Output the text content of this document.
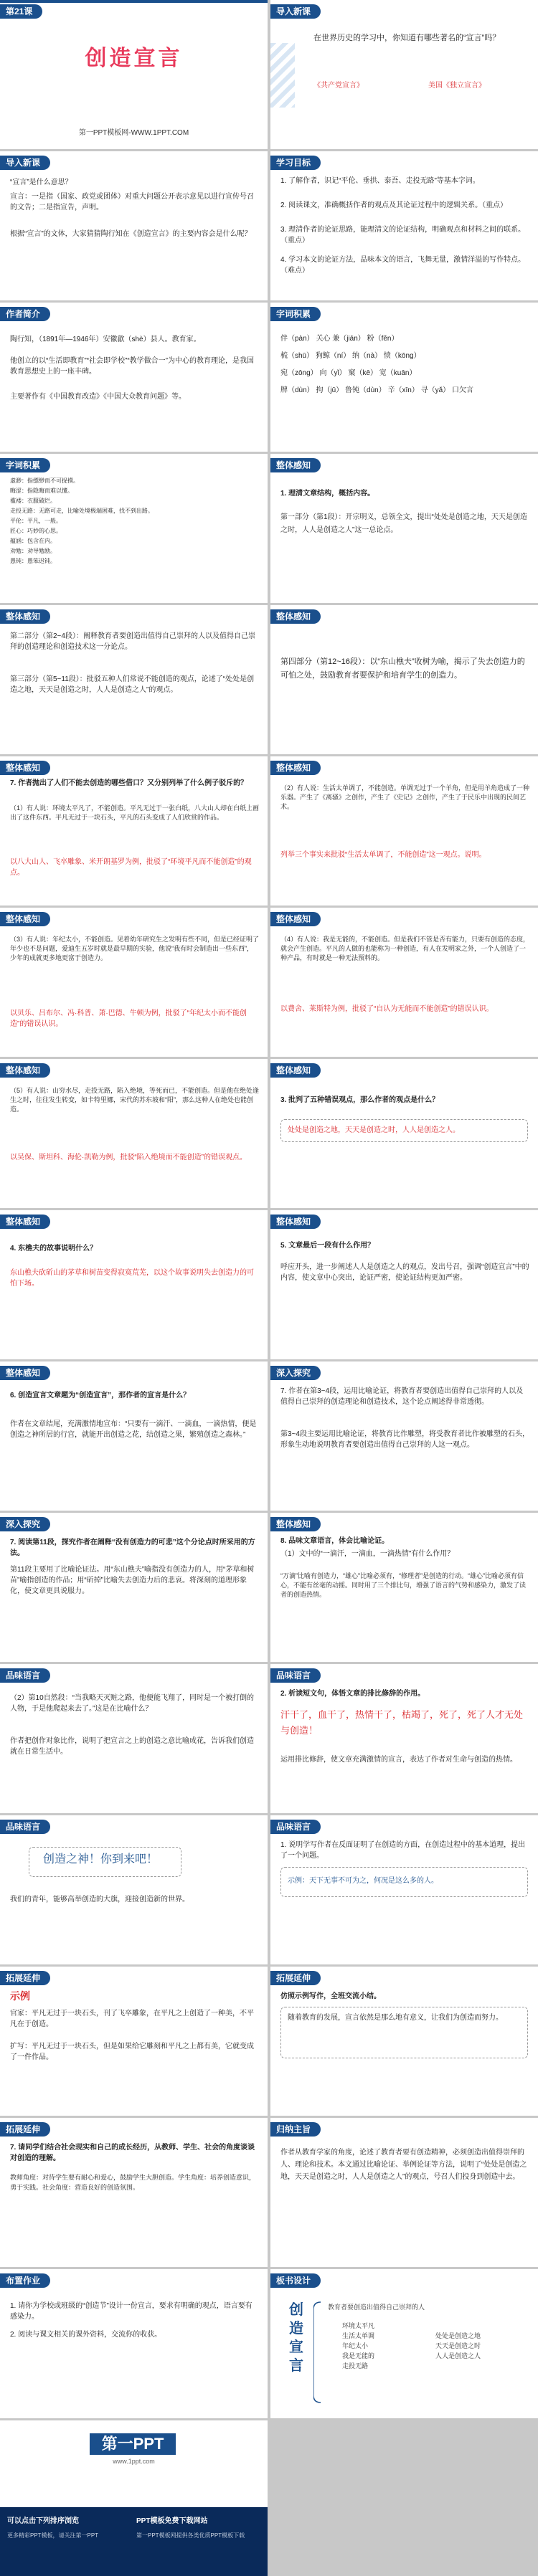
第21课
创造宣言
第一PPT模板网-WWW.1PPT.COM
导入新课
在世界历史的学习中，你知道有哪些著名的“宣言”吗？
《共产党宣言》	美国《独立宣言》
导入新课
“宣言”是什么意思？
宣言：一是指（国家、政党或团体）对重大问题公开表示意见以进行宣传号召的文告；二是指宣告，声明。
根据“宣言”的文体，大家猜猜陶行知在《创造宣言》的主要内容会是什么呢？
学习目标
1. 了解作者，识记“平伦、垂拱、泰吾、走投无路”等基本字词。
2. 阅读课文，准确概括作者的观点及其论证过程中的逻辑关系。（重点）
3. 理清作者的论证思路，能理清文的论证结构，明确观点和材料之间的联系。（重点）
4. 学习本文的论证方法，品味本文的语言，飞舞无量，激情洋溢的写作特点。（难点）
作者简介
陶行知，（1891年—1946年）安徽歙（shè）县人。教育家。
他创立的以“生活即教育”“社会即学校”“教学做合一”为中心的教育理论，是我国教育思想史上的一座丰碑。
主要著作有《中国教育改造》《中国大众教育问题》等。
字词积累
伴（pàn） 关心 兼（jiān） 粉（fěn）
梳（shū） 狗鲸（ní） 纳（nà） 愤（kōng）
宛（zōng） 向（yǐ） 窠（kē） 宽（kuān）
牌（dùn） 拘（jū） 鲁钝（dùn） 辛（xīn） 寻（yǎ） 口欠言
字词积累
虚渺：指缥缈而不可捉摸。
晦涩：指隐晦而难以懂。
褴褛：衣服破烂。
走投无路：无路可走，比喻处境极端困难，找不到出路。
平伦：平凡，一般。
匠心：巧妙的心思。
蕴涵：包含在内。
劝勉：劝导勉励。
愚钝：愚笨迟钝。
整体感知
1. 理清文章结构，概括内容。
第一部分（第1段）：开宗明义，总领全文，提出“处处是创造之地，天天是创造之时，人人是创造之人”这一总论点。
整体感知
第二部分（第2~4段）：阐释教育者要创造出值得自己崇拜的人以及值得自己崇拜的创造理论和创造技术这一分论点。
第三部分（第5~11段）：批驳五种人们常说不能创造的观点，论述了“处处是创造之地，天天是创造之时，人人是创造之人”的观点。
整体感知
第四部分（第12~16段）：以“东山樵夫”收树为喻，揭示了失去创造力的可怕之处，鼓励教育者要保护和培育学生的创造力。
整体感知
7. 作者抛出了人们不能去创造的哪些借口？又分别列举了什么例子驳斥的？
（1）有人说：环境太平凡了，不能创造。平凡无过于一张白纸，八大山人却在白纸上画出了这件东西。平凡无过于一块石头，平凡的石头变成了人们欣赏的作品。
以八大山人、飞卒雕象、米开朗基罗为例，批驳了“环境平凡而不能创造”的观点。
整体感知
（2）有人说：生活太单调了，不能创造。单调无过于一个羊角，但是用羊角造成了一种乐器。产生了《离骚》之创作，产生了《史记》之创作，产生了于民乐中出现的民间艺术。
列举三个事实来批驳“生活太单调了，不能创造”这一观点。说明。
整体感知
（3）有人说：年纪太小，不能创造。见着幼年研究生之发明有些不同，但是已经证明了年少也不是问题，爱迪生五岁时就是最早期的实验，他说“我有时会制造出一些东西”，少年的成就更多地更富于创造力。
以贝乐、吕布尔、冯·科普、萧·巴德、牛顿为例，批驳了“年纪太小而不能创造”的错误认识。
整体感知
（4）有人说：我是无能的，不能创造。但是我们不管是否有能力，只要有创造的态度，就会产生创造。平凡的人做的也能称为一种创造，有人在发明家之外，一个人创造了一种产品，有时就是一种无法预料的。
以费舍、莱斯特为例，批驳了“自认为无能而不能创造”的错误认识。
整体感知
（5）有人说：山穷水尽，走投无路，陷入绝境，等死而已，不能创造。但是他在绝处逢生之时，往往发生转变，如卡特里娜，宋代的苏东坡和“阳”，那么这种人在绝处也能创造。
以吴保、斯坦科、海伦·凯勒为例，批驳“陷入绝境而不能创造”的错误观点。
整体感知
3. 批判了五种错误观点，那么作者的观点是什么？
处处是创造之地，天天是创造之时，人人是创造之人。
整体感知
4. 东樵夫的故事说明什么？
东山樵夫砍斫山的茅草和树苗变得寂寞荒芜，以这个故事说明失去创造力的可怕下场。
整体感知
5. 文章最后一段有什么作用？
呼应开头，进一步阐述人人是创造之人的观点，发出号召，强调“创造宣言”中的内容，使文章中心突出，论证严密，使论证结构更加严密。
整体感知
6. 创造宣言文章题为“创造宣言”，那作者的宣言是什么？
作者在文章结尾，充满激情地宣布：“只要有一滴汗、一滴血，一滴热情，便是创造之神所居的行宫，就能开出创造之花，结创造之果，繁殖创造之森林。”
深入探究
7. 作者在第3~4段，运用比喻论证，将教育者要创造出值得自己崇拜的人以及值得自己崇拜的创造理论和创造技术，这个论点阐述得非常透彻。
第3~4段主要运用比喻论证，将教育比作雕塑，将受教育者比作被雕塑的石头，形象生动地说明教育者要创造出值得自己崇拜的人这一观点。
深入探究
7. 阅读第11段，探究作者在阐释“没有创造力的可悲”这个分论点时所采用的方法。
第11段主要用了比喻论证法。用“东山樵夫”喻指没有创造力的人，用“茅草和树苗”喻指创造的作品；用“斫掉”比喻失去创造力后的悲哀。将深刻的道理形象化，使文章更具说服力。
整体感知
8. 品味文章语言，体会比喻论证。
（1）文中的“一滴汗，一滴血，一滴热情”有什么作用？
“万滴”比喻有创造力，“雄心”比喻必须有，“修理者”是创造的行动。“雄心”比喻必须有信心，不能有丝毫的动摇。同时用了三个排比句，增强了语言的气势和感染力，激发了读者的创造热情。
品味语言
（2）第10自然段：“当我略天灭赃之路，他便能飞翔了，同时是一个被打倒的人物，于是他爬起来去了。”这是在比喻什么？
作者把创作对象比作，说明了把宣言之上的创造之意比喻成花，告诉我们创造就在日常生活中。
品味语言
2. 析读短文句，体悟文章的排比修辞的作用。
汗干了，血干了，热情干了，枯竭了，死了，死了人才无处与创造！
运用排比修辞，使文章充满激情的宣言，表达了作者对生命与创造的热情。
品味语言
创造之神！你到来吧！
我们的青年，能够高举创造的大旗，迎接创造新的世界。
品味语言
1. 说明学写作者在反面证明了在创造的方面，在创造过程中的基本道理，提出了一个问题。
示例：天下无事不可为之，何况是这么多的人。
拓展延伸
示例
官家：平凡无过于一块石头，刊了飞卒雕象，在平凡之上创造了一种美，不平凡在于创造。
扩写：平凡无过于一块石头，但是如果给它雕刻和平凡之上都有美，它就变成了一件作品。
拓展延伸
仿照示例写作，全班交流小结。
随着教育的发展，宣言依然是那么地有意义，让我们为创造而努力。
拓展延伸
7. 请同学们结合社会现实和自己的成长经历，从教师、学生、社会的角度谈谈对创造的理解。
教师角度：对待学生要有耐心和爱心，鼓励学生大胆创造。学生角度：培养创造意识，勇于实践。社会角度：营造良好的创造氛围。
归纳主旨
作者从教育学家的角度，论述了教育者要有创造精神，必须创造出值得崇拜的人、理论和技术。本文通过比喻论证、举例论证等方法，说明了“处处是创造之地，天天是创造之时，人人是创造之人”的观点，号召人们投身到创造中去。
布置作业
1. 请你为学校或班级的“创造节”设计一份宣言，要求有明确的观点，语言要有感染力。
2. 阅读与课文相关的课外资料，交流你的收获。
板书设计
创造宣言
教育者要创造出值得自己崇拜的人
环境太平凡
生活太单调
年纪太小
我是无能的
走投无路
处处是创造之地
天天是创造之时
人人是创造之人
第一PPT
www.1ppt.com
可以点击下列排序浏览	PPT模板免费下载网站
更多精彩PPT模板，请关注第一PPT	第一PPT模板网提供各类优质PPT模板下载
